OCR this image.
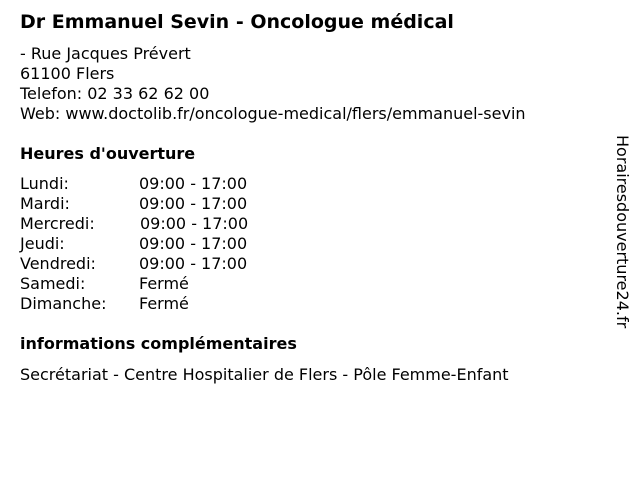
Dr Emmanuel Sevin - Oncologue médical
- Rue Jacques Prévert
61100 Flers
Telefon: 02 33 62 62 00
Web: www.doctolib.fr/oncologue-medical/flers/emmanuel-sevin
Heures d'ouverture
Lundi:	09:00 - 17:00
Mardi:	09:00 - 17:00
Mercredi:	09:00 - 17:00
Jeudi:	09:00 - 17:00
Vendredi:	09:00 - 17:00
Samedi:	Fermé
Dimanche: Fermé
informations complémentaires
Secrétariat - Centre Hospitalier de Flers - Pôle Femme-Enfant
Horairesdouverture24.fr
